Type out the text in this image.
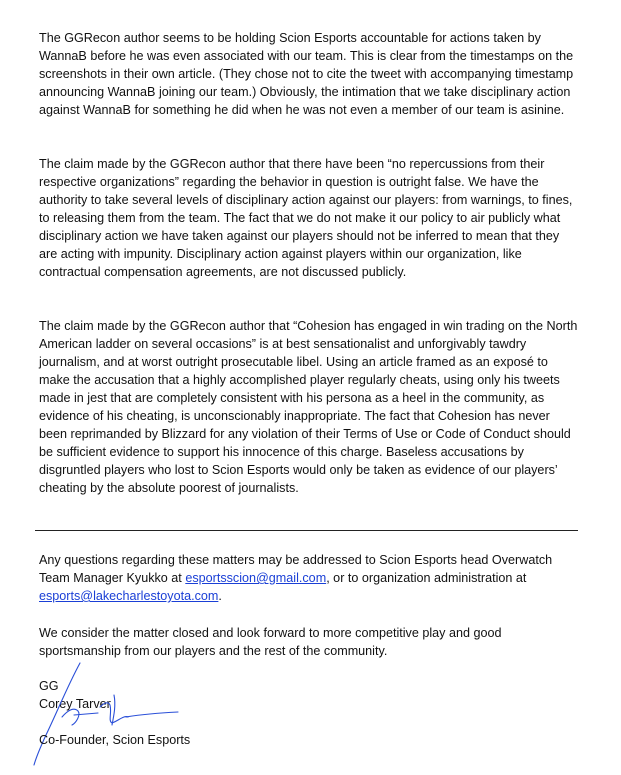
The GGRecon author seems to be holding Scion Esports accountable for actions taken by WannaB before he was even associated with our team. This is clear from the timestamps on the screenshots in their own article. (They chose not to cite the tweet with accompanying timestamp announcing WannaB joining our team.) Obviously, the intimation that we take disciplinary action against WannaB for something he did when he was not even a member of our team is asinine.

The claim made by the GGRecon author that there have been “no repercussions from their respective organizations” regarding the behavior in question is outright false. We have the authority to take several levels of disciplinary action against our players: from warnings, to fines, to releasing them from the team. The fact that we do not make it our policy to air publicly what disciplinary action we have taken against our players should not be inferred to mean that they are acting with impunity. Disciplinary action against players within our organization, like contractual compensation agreements, are not discussed publicly.

The claim made by the GGRecon author that “Cohesion has engaged in win trading on the North American ladder on several occasions” is at best sensationalist and unforgivably tawdry journalism, and at worst outright prosecutable libel. Using an article framed as an exposé to make the accusation that a highly accomplished player regularly cheats, using only his tweets made in jest that are completely consistent with his persona as a heel in the community, as evidence of his cheating, is unconscionably inappropriate. The fact that Cohesion has never been reprimanded by Blizzard for any violation of their Terms of Use or Code of Conduct should be sufficient evidence to support his innocence of this charge. Baseless accusations by disgruntled players who lost to Scion Esports would only be taken as evidence of our players’ cheating by the absolute poorest of journalists.

Any questions regarding these matters may be addressed to Scion Esports head Overwatch Team Manager Kyukko at esportsscion@gmail.com, or to organization administration at esports@lakecharlestoyota.com.

We consider the matter closed and look forward to more competitive play and good sportsmanship from our players and the rest of the community.

GG

Corey Tarver

Co-Founder, Scion Esports
